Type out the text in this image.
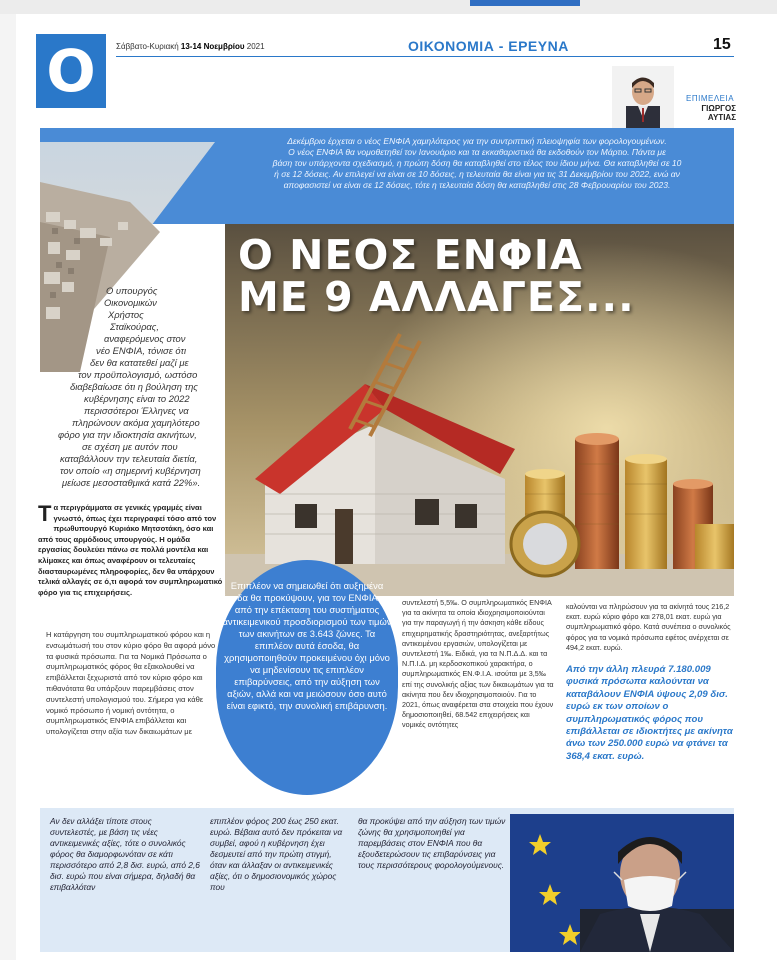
Ο	Σάββατο-Κυριακή 13-14 Νοεμβρίου 2021	ΟΙΚΟΝΟΜΙΑ - ΕΡΕΥΝΑ	15
ΕΠΙΜΕΛΕΙΑ
ΓΙΩΡΓΟΣ
ΑΥΤΙΑΣ
Δεκέμβριο έρχεται ο νέος ΕΝΦΙΑ χαμηλότερος για την συντριπτική πλειοψηφία των φορολογουμένων.
Ο νέος ΕΝΦΙΑ θα νομοθετηθεί τον Ιανουάριο και τα εκκαθαριστικά θα εκδοθούν τον Μάρτιο. Πάντα με
βάση τον υπάρχοντα σχεδιασμό, η πρώτη δόση θα καταβληθεί στο τέλος του ίδιου μήνα. Θα καταβληθεί σε 10
ή σε 12 δόσεις. Αν επιλεγεί να είναι σε 10 δόσεις, η τελευταία θα είναι για τις 31 Δεκεμβρίου του 2022, ενώ αν
αποφασιστεί να είναι σε 12 δόσεις, τότε η τελευταία δόση θα καταβληθεί στις 28 Φεβρουαρίου του 2023.
Ο ΝΕΟΣ ΕΝΦΙΑ
ΜΕ 9 ΑΛΛΑΓΕΣ...
Ο υπουργός
Οικονομικών
Χρήστος
Σταϊκούρας,
αναφερόμενος στον
νέο ΕΝΦΙΑ, τόνισε ότι
δεν θα κατατεθεί μαζί με
τον προϋπολογισμό, ωστόσο
διαβεβαίωσε ότι η βούληση της
κυβέρνησης είναι το 2022
περισσότεροι Έλληνες να
πληρώνουν ακόμα χαμηλότερο
φόρο για την ιδιοκτησία ακινήτων,
σε σχέση με αυτόν που
καταβάλλουν την τελευταία διετία,
τον οποίο «η σημερινή κυβέρνηση
μείωσε μεσοσταθμικά κατά 22%».
Τ α περιγράμματα σε γενικές γραμμές είναι γνωστό, όπως έχει περιγραφεί τόσο από τον πρωθυπουργό Κυριάκο Μητσοτάκη, όσο και από τους αρμόδιους υπουργούς. Η ομάδα εργασίας δουλεύει πάνω σε πολλά μοντέλα και κλίμακες και όπως αναφέρουν οι τελευταίες διασταυρωμένες πληροφορίες, δεν θα υπάρχουν τελικά αλλαγές σε ό,τι αφορά τον συμπληρωματικό φόρο για τις επιχειρήσεις.
Η κατάργηση του συμπληρωματικού φόρου και η ενσωμάτωσή του στον κύριο φόρο θα αφορά μόνο τα φυσικά πρόσωπα. Για τα Νομικά Πρόσωπα ο συμπληρωματικός φόρος θα εξακολουθεί να επιβάλλεται ξεχωριστά από τον κύριο φόρο και πιθανότατα θα υπάρξουν παρεμβάσεις στον συντελεστή υπολογισμού του. Σήμερα για κάθε νομικό πρόσωπο ή νομική οντότητα, ο συμπληρωματικός ΕΝΦΙΑ επιβάλλεται και υπολογίζεται στην αξία των δικαιωμάτων με
Επιπλέον να σημειωθεί ότι αυξημένα έσοδα θα προκύψουν, για τον ΕΝΦΙΑ και από την επέκταση του συστήματος αντικειμενικού προσδιορισμού των τιμών των ακινήτων σε 3.643 ζώνες. Τα επιπλέον αυτά έσοδα, θα χρησιμοποιηθούν προκειμένου όχι μόνο να μηδενίσουν τις επιπλέον επιβαρύνσεις, από την αύξηση των αξιών, αλλά και να μειώσουν όσο αυτό είναι εφικτό, την συνολική επιβάρυνση.
συντελεστή 5,5‰. Ο συμπληρωματικός ΕΝΦΙΑ για τα ακίνητα τα οποία ιδιοχρησιμοποιούνται για την παραγωγή ή την άσκηση κάθε είδους επιχειρηματικής δραστηριότητας, ανεξαρτήτως αντικειμένου εργασιών, υπολογίζεται με συντελεστή 1‰. Ειδικά, για τα Ν.Π.Δ.Δ. και τα Ν.Π.Ι.Δ. μη κερδοσκοπικού χαρακτήρα, ο συμπληρωματικός ΕΝ.Φ.Ι.Α. ισούται με 3,5‰ επί της συνολικής αξίας των δικαιωμάτων για τα ακίνητα που δεν ιδιοχρησιμοποιούν. Για το 2021, όπως αναφέρεται στα στοιχεία που έχουν δημοσιοποιηθεί, 68.542 επιχειρήσεις και νομικές οντότητες
καλούνται να πληρώσουν για τα ακίνητά τους 216,2 εκατ. ευρώ κύριο φόρο και 278,01 εκατ. ευρώ για συμπληρωματικό φόρο. Κατά συνέπεια ο συνολικός φόρος για τα νομικά πρόσωπα εφέτος ανέρχεται σε 494,2 εκατ. ευρώ.
Από την άλλη πλευρά 7.180.009 φυσικά πρόσωπα καλούνται να καταβάλουν ΕΝΦΙΑ ύψους 2,09 δισ. ευρώ εκ των οποίων ο συμπληρωματικός φόρος που επιβάλλεται σε ιδιοκτήτες με ακίνητα άνω των 250.000 ευρώ να φτάνει τα 368,4 εκατ. ευρώ.
Αν δεν αλλάξει τίποτε στους συντελεστές, με βάση τις νέες αντικειμενικές αξίες, τότε ο συνολικός φόρος θα διαμορφωνόταν σε κάτι περισσότερο από 2,8 δισ. ευρώ, από 2,6 δισ. ευρώ που είναι σήμερα, δηλαδή θα επιβαλλόταν
επιπλέον φόρος 200 έως 250 εκατ. ευρώ. Βέβαια αυτό δεν πρόκειται να συμβεί, αφού η κυβέρνηση έχει δεσμευτεί από την πρώτη στιγμή, όταν και άλλαξαν οι αντικειμενικές αξίες, ότι ο δημοσιονομικός χώρος που
θα προκύψει από την αύξηση των τιμών ζώνης θα χρησιμοποιηθεί για παρεμβάσεις στον ΕΝΦΙΑ που θα εξουδετερώσουν τις επιβαρύνσεις για τους περισσότερους φορολογούμενους.
